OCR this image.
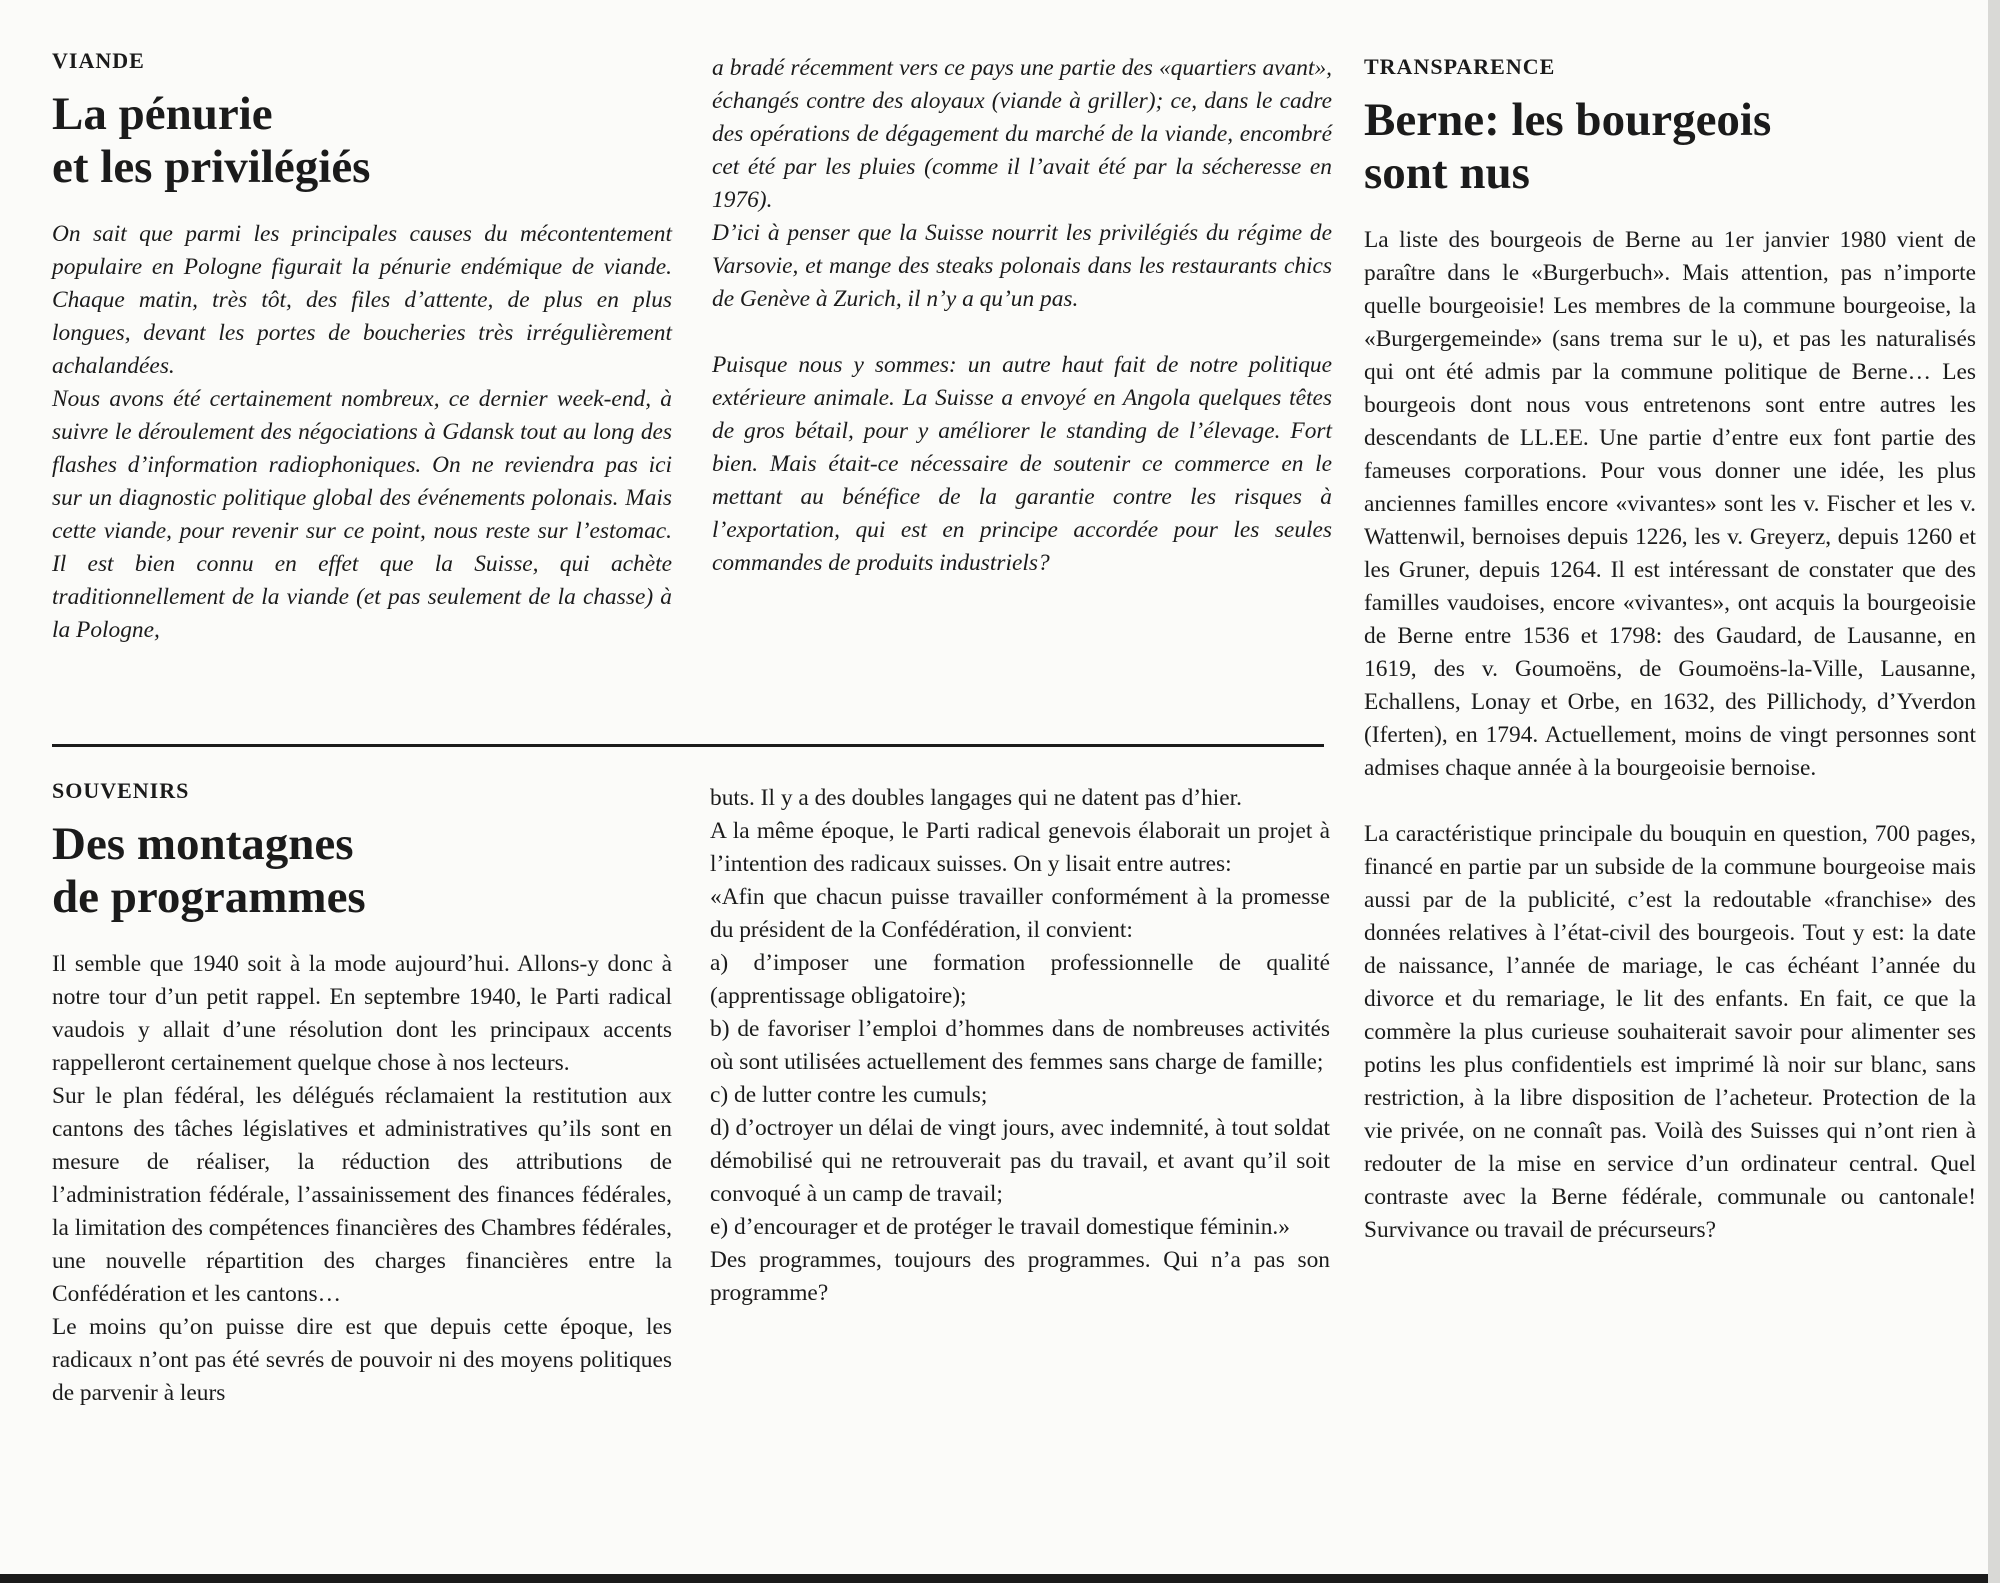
VIANDE
La pénurie
et les privilégiés

On sait que parmi les principales causes du mécontentement populaire en Pologne figurait la pénurie endémique de viande. Chaque matin, très tôt, des files d’attente, de plus en plus longues, devant les portes de boucheries très irrégulièrement achalandées.

Nous avons été certainement nombreux, ce dernier week-end, à suivre le déroulement des négociations à Gdansk tout au long des flashes d’information radiophoniques. On ne reviendra pas ici sur un diagnostic politique global des événements polonais. Mais cette viande, pour revenir sur ce point, nous reste sur l’estomac. Il est bien connu en effet que la Suisse, qui achète traditionnellement de la viande (et pas seulement de la chasse) à la Pologne,

a bradé récemment vers ce pays une partie des «quartiers avant», échangés contre des aloyaux (viande à griller); ce, dans le cadre des opérations de dégagement du marché de la viande, encombré cet été par les pluies (comme il l’avait été par la sécheresse en 1976).

D’ici à penser que la Suisse nourrit les privilégiés du régime de Varsovie, et mange des steaks polonais dans les restaurants chics de Genève à Zurich, il n’y a qu’un pas.

Puisque nous y sommes: un autre haut fait de notre politique extérieure animale. La Suisse a envoyé en Angola quelques têtes de gros bétail, pour y améliorer le standing de l’élevage. Fort bien. Mais était-ce nécessaire de soutenir ce commerce en le mettant au bénéfice de la garantie contre les risques à l’exportation, qui est en principe accordée pour les seules commandes de produits industriels?

SOUVENIRS
Des montagnes
de programmes

Il semble que 1940 soit à la mode aujourd’hui. Allons-y donc à notre tour d’un petit rappel. En septembre 1940, le Parti radical vaudois y allait d’une résolution dont les principaux accents rappelleront certainement quelque chose à nos lecteurs.

Sur le plan fédéral, les délégués réclamaient la restitution aux cantons des tâches législatives et administratives qu’ils sont en mesure de réaliser, la réduction des attributions de l’administration fédérale, l’assainissement des finances fédérales, la limitation des compétences financières des Chambres fédérales, une nouvelle répartition des charges financières entre la Confédération et les cantons…

Le moins qu’on puisse dire est que depuis cette époque, les radicaux n’ont pas été sevrés de pouvoir ni des moyens politiques de parvenir à leurs

buts. Il y a des doubles langages qui ne datent pas d’hier.

A la même époque, le Parti radical genevois élaborait un projet à l’intention des radicaux suisses. On y lisait entre autres:

«Afin que chacun puisse travailler conformément à la promesse du président de la Confédération, il convient:

a) d’imposer une formation professionnelle de qualité (apprentissage obligatoire);

b) de favoriser l’emploi d’hommes dans de nombreuses activités où sont utilisées actuellement des femmes sans charge de famille;

c) de lutter contre les cumuls;

d) d’octroyer un délai de vingt jours, avec indemnité, à tout soldat démobilisé qui ne retrouverait pas du travail, et avant qu’il soit convoqué à un camp de travail;

e) d’encourager et de protéger le travail domestique féminin.»

Des programmes, toujours des programmes. Qui n’a pas son programme?

TRANSPARENCE
Berne: les bourgeois
sont nus

La liste des bourgeois de Berne au 1er janvier 1980 vient de paraître dans le «Burgerbuch». Mais attention, pas n’importe quelle bourgeoisie! Les membres de la commune bourgeoise, la «Burgergemeinde» (sans trema sur le u), et pas les naturalisés qui ont été admis par la commune politique de Berne… Les bourgeois dont nous vous entretenons sont entre autres les descendants de LL.EE. Une partie d’entre eux font partie des fameuses corporations. Pour vous donner une idée, les plus anciennes familles encore «vivantes» sont les v. Fischer et les v. Wattenwil, bernoises depuis 1226, les v. Greyerz, depuis 1260 et les Gruner, depuis 1264. Il est intéressant de constater que des familles vaudoises, encore «vivantes», ont acquis la bourgeoisie de Berne entre 1536 et 1798: des Gaudard, de Lausanne, en 1619, des v. Goumoëns, de Goumoëns-la-Ville, Lausanne, Echallens, Lonay et Orbe, en 1632, des Pillichody, d’Yverdon (Iferten), en 1794. Actuellement, moins de vingt personnes sont admises chaque année à la bourgeoisie bernoise.

La caractéristique principale du bouquin en question, 700 pages, financé en partie par un subside de la commune bourgeoise mais aussi par de la publicité, c’est la redoutable «franchise» des données relatives à l’état-civil des bourgeois. Tout y est: la date de naissance, l’année de mariage, le cas échéant l’année du divorce et du remariage, le lit des enfants. En fait, ce que la commère la plus curieuse souhaiterait savoir pour alimenter ses potins les plus confidentiels est imprimé là noir sur blanc, sans restriction, à la libre disposition de l’acheteur. Protection de la vie privée, on ne connaît pas. Voilà des Suisses qui n’ont rien à redouter de la mise en service d’un ordinateur central. Quel contraste avec la Berne fédérale, communale ou cantonale! Survivance ou travail de précurseurs?
